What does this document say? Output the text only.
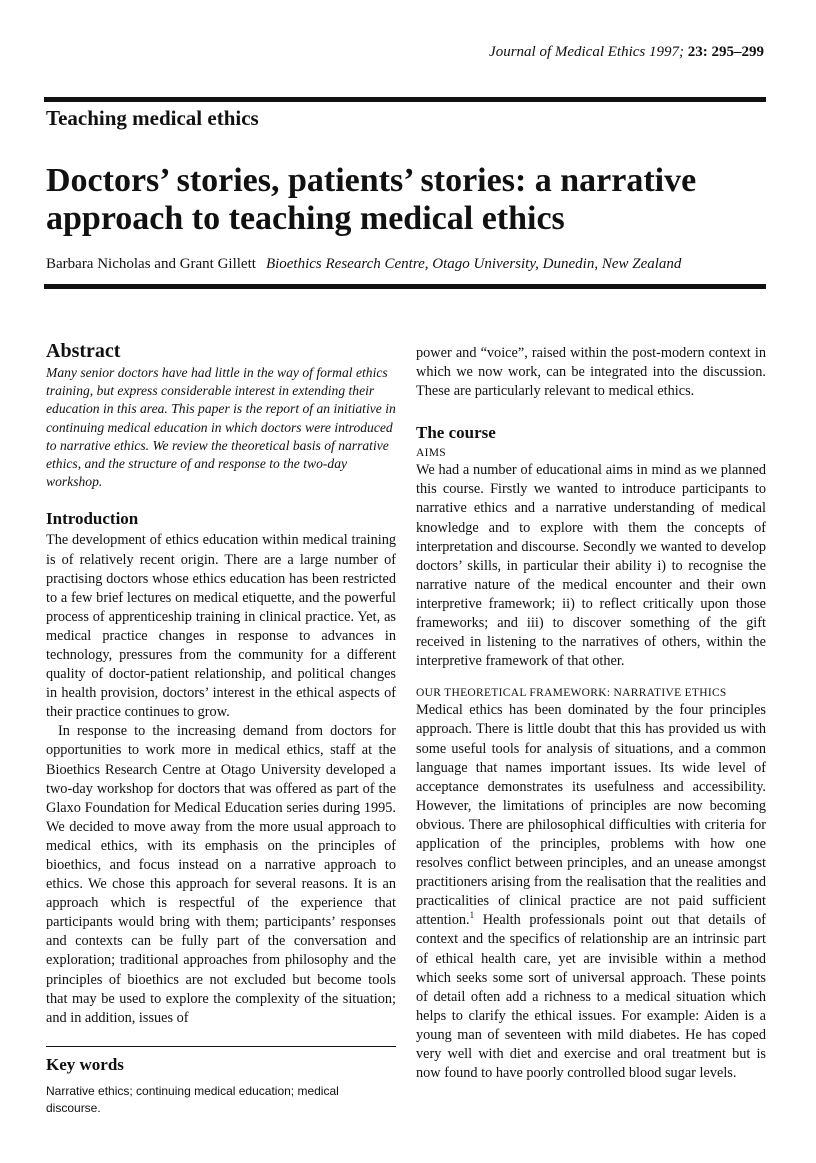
Journal of Medical Ethics 1997; 23: 295–299
Teaching medical ethics
Doctors’ stories, patients’ stories: a narrative
approach to teaching medical ethics
Barbara Nicholas and Grant Gillett Bioethics Research Centre, Otago University, Dunedin, New Zealand
Abstract

Many senior doctors have had little in the way of formal ethics training, but express considerable interest in extending their education in this area. This paper is the report of an initiative in continuing medical education in which doctors were introduced to narrative ethics. We review the theoretical basis of narrative ethics, and the structure of and response to the two-day workshop.

Introduction

The development of ethics education within medical training is of relatively recent origin. There are a large number of practising doctors whose ethics education has been restricted to a few brief lectures on medical etiquette, and the powerful process of apprenticeship training in clinical practice. Yet, as medical practice changes in response to advances in technology, pressures from the community for a different quality of doctor-patient relationship, and political changes in health provision, doctors’ interest in the ethical aspects of their practice continues to grow.

In response to the increasing demand from doctors for opportunities to work more in medical ethics, staff at the Bioethics Research Centre at Otago University developed a two-day workshop for doctors that was offered as part of the Glaxo Foundation for Medical Education series during 1995. We decided to move away from the more usual approach to medical ethics, with its emphasis on the principles of bioethics, and focus instead on a narrative approach to ethics. We chose this approach for several reasons. It is an approach which is respectful of the experience that participants would bring with them; participants’ responses and contexts can be fully part of the conversation and exploration; traditional approaches from philosophy and the principles of bioethics are not excluded but become tools that may be used to explore the complexity of the situation; and in addition, issues of

Key words

Narrative ethics; continuing medical education; medical discourse.

power and “voice”, raised within the post-modern context in which we now work, can be integrated into the discussion. These are particularly relevant to medical ethics.

The course

AIMS

We had a number of educational aims in mind as we planned this course. Firstly we wanted to introduce participants to narrative ethics and a narrative understanding of medical knowledge and to explore with them the concepts of interpretation and discourse. Secondly we wanted to develop doctors’ skills, in particular their ability i) to recognise the narrative nature of the medical encounter and their own interpretive framework; ii) to reflect critically upon those frameworks; and iii) to discover something of the gift received in listening to the narratives of others, within the interpretive framework of that other.

OUR THEORETICAL FRAMEWORK: NARRATIVE ETHICS

Medical ethics has been dominated by the four principles approach. There is little doubt that this has provided us with some useful tools for analysis of situations, and a common language that names important issues. Its wide level of acceptance demonstrates its usefulness and accessibility. However, the limitations of principles are now becoming obvious. There are philosophical difficulties with criteria for application of the principles, problems with how one resolves conflict between principles, and an unease amongst practitioners arising from the realisation that the realities and practicalities of clinical practice are not paid sufficient attention.$^1$ Health professionals point out that details of context and the specifics of relationship are an intrinsic part of ethical health care, yet are invisible within a method which seeks some sort of universal approach. These points of detail often add a richness to a medical situation which helps to clarify the ethical issues. For example: Aiden is a young man of seventeen with mild diabetes. He has coped very well with diet and exercise and oral treatment but is now found to have poorly controlled blood sugar levels.
